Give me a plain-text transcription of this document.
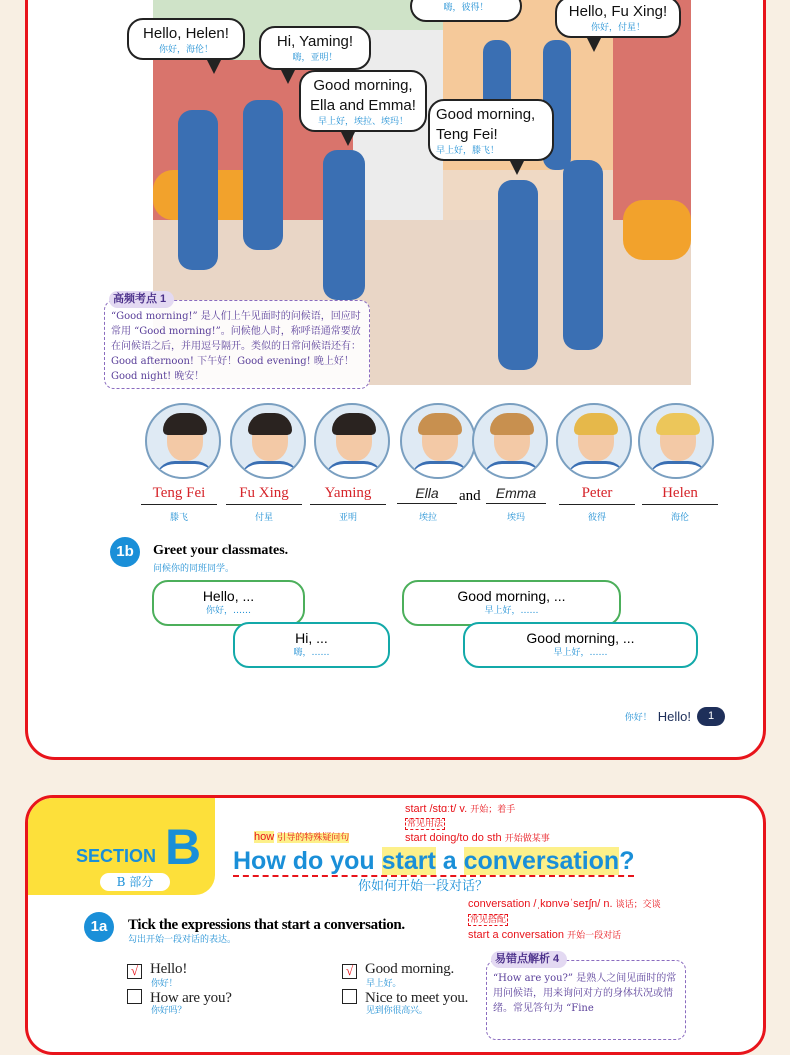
嗨，彼得！	Hello, Fu Xing!
你好，付星！
Hello, Helen!
你好，海伦！	Hi, Yaming!
嗨，亚明！
Good morning, Ella and Emma!
早上好，埃拉、埃玛！	Good morning, Teng Fei!
早上好，滕飞！
高频考点 1
“Good morning!” 是人们上午见面时的问候语，回应时常用 “Good morning!”。问候他人时，称呼语通常要放在问候语之后，并用逗号隔开。类似的日常问候语还有：Good afternoon! 下午好！Good evening! 晚上好！ Good night! 晚安！
Teng Fei
滕飞
Fu Xing
付星
Yaming
亚明
Ella
埃拉
and	Emma
埃玛
Peter
彼得
Helen
海伦
1b	Greet your classmates.
问候你的同班同学。
Hello, ...
你好，……
Hi, ...
嗨，……
Good morning, ...
早上好，……
Good morning, ...
早上好，……
你好！ Hello!	1
SECTION B
B 部分
How do you start a conversation?
你如何开始一段对话？
how 引导的特殊疑问句
start /stɑːt/ v. 开始；着手
常见用法
start doing/to do sth 开始做某事
conversation /ˌkɒnvəˈseɪʃn/ n. 谈话；交谈
常见搭配
start a conversation 开始一段对话
1a	Tick the expressions that start a conversation.
勾出开始一段对话的表达。
√ Hello!
你好！
√ Good morning.
早上好。
How are you?
你好吗？
Nice to meet you.
见到你很高兴。
易错点解析 4
“How are you?” 是熟人之间见面时的常用问候语，用来询问对方的身体状况或情绪。常见答句为 “Fine
